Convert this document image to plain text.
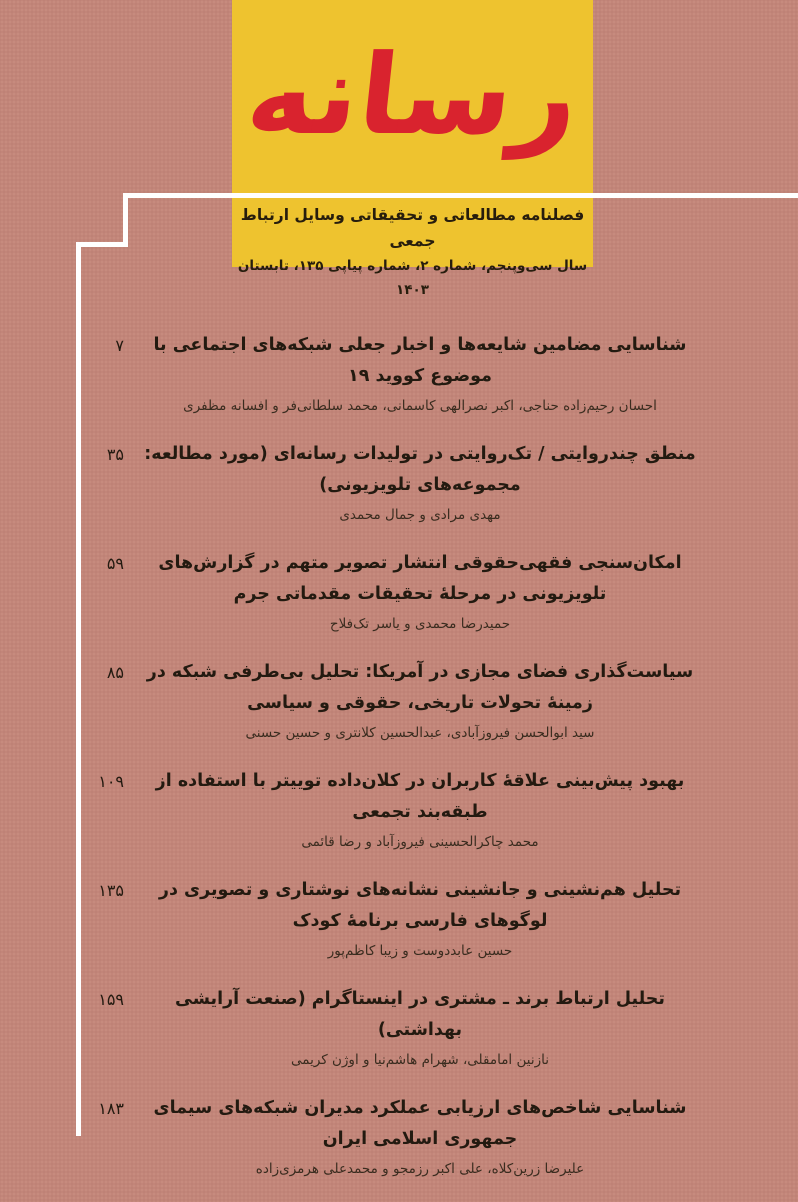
رسانه
فصلنامه مطالعاتی و تحقیقاتی وسایل ارتباط جمعی
سال سی‌وپنجم، شماره ۲، شماره پیاپی ۱۳۵، تابستان ۱۴۰۳
شناسایی مضامین شایعه‌ها و اخبار جعلی شبکه‌های اجتماعی با موضوع کووید ۱۹
احسان رحیم‌زاده حناجی، اکبر نصرالهی کاسمانی، محمد سلطانی‌فر و افسانه مظفری
۷
منطق چندروایتی / تک‌روایتی در تولیدات رسانه‌ای (مورد مطالعه: مجموعه‌های تلویزیونی)
مهدی مرادی و جمال محمدی
۳۵
امکان‌سنجی فقهی‌حقوقی انتشار تصویر متهم در گزارش‌های تلویزیونی در مرحلهٔ تحقیقات مقدماتی جرم
حمیدرضا محمدی و یاسر تک‌فلاح
۵۹
سیاست‌گذاری فضای مجازی در آمریکا: تحلیل بی‌طرفی شبکه در زمینهٔ تحولات تاریخی، حقوقی و سیاسی
سید ابوالحسن فیروزآبادی، عبدالحسین کلانتری و حسین حسنی
۸۵
بهبود پیش‌بینی علاقهٔ کاربران در کلان‌داده توییتر با استفاده از طبقه‌بند تجمعی
محمد چاکرالحسینی فیروزآباد و رضا قائمی
۱۰۹
تحلیل هم‌نشینی و جانشینی نشانه‌های نوشتاری و تصویری در لوگوهای فارسی برنامهٔ کودک
حسین عابددوست و زیبا کاظم‌پور
۱۳۵
تحلیل ارتباط برند ـ مشتری در اینستاگرام (صنعت آرایشی بهداشتی)
نازنین امامقلی، شهرام هاشم‌نیا و اوژن کریمی
۱۵۹
شناسایی شاخص‌های ارزیابی عملکرد مدیران شبکه‌های سیمای جمهوری اسلامی ایران
علیرضا زرین‌کلاه، علی اکبر رزمجو و محمدعلی هرمزی‌زاده
۱۸۳
